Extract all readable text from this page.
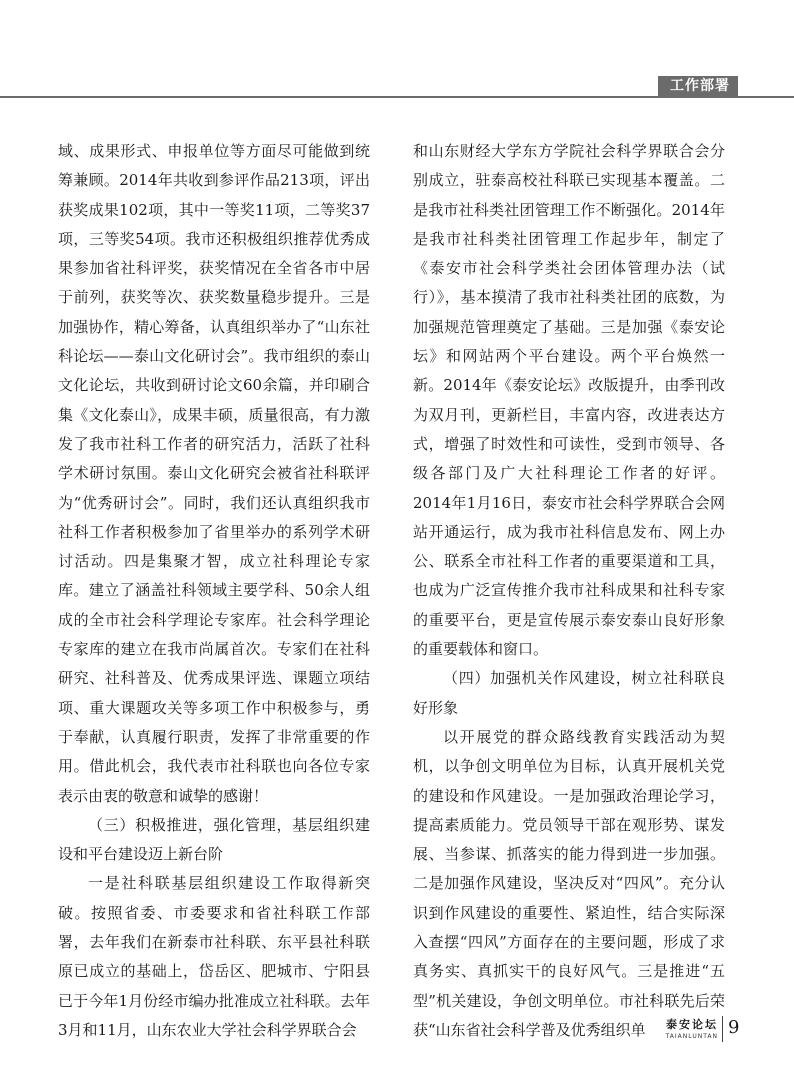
工作部署

域、成果形式、申报单位等方面尽可能做到统筹兼顾。2014年共收到参评作品213项，评出获奖成果102项，其中一等奖11项，二等奖37项，三等奖54项。我市还积极组织推荐优秀成果参加省社科评奖，获奖情况在全省各市中居于前列，获奖等次、获奖数量稳步提升。三是加强协作，精心筹备，认真组织举办了“山东社科论坛——泰山文化研讨会”。我市组织的泰山文化论坛，共收到研讨论文60余篇，并印刷合集《文化泰山》，成果丰硕，质量很高，有力激发了我市社科工作者的研究活力，活跃了社科学术研讨氛围。泰山文化研究会被省社科联评为“优秀研讨会”。同时，我们还认真组织我市社科工作者积极参加了省里举办的系列学术研讨活动。四是集聚才智，成立社科理论专家库。建立了涵盖社科领域主要学科、50余人组成的全市社会科学理论专家库。社会科学理论专家库的建立在我市尚属首次。专家们在社科研究、社科普及、优秀成果评选、课题立项结项、重大课题攻关等多项工作中积极参与，勇于奉献，认真履行职责，发挥了非常重要的作用。借此机会，我代表市社科联也向各位专家表示由衷的敬意和诚挚的感谢！

（三）积极推进，强化管理，基层组织建设和平台建设迈上新台阶

一是社科联基层组织建设工作取得新突破。按照省委、市委要求和省社科联工作部署，去年我们在新泰市社科联、东平县社科联原已成立的基础上，岱岳区、肥城市、宁阳县已于今年1月份经市编办批准成立社科联。去年3月和11月，山东农业大学社会科学界联合会

和山东财经大学东方学院社会科学界联合会分别成立，驻泰高校社科联已实现基本覆盖。二是我市社科类社团管理工作不断强化。2014年是我市社科类社团管理工作起步年，制定了《泰安市社会科学类社会团体管理办法（试行）》，基本摸清了我市社科类社团的底数，为加强规范管理奠定了基础。三是加强《泰安论坛》和网站两个平台建设。两个平台焕然一新。2014年《泰安论坛》改版提升，由季刊改为双月刊，更新栏目，丰富内容，改进表达方式，增强了时效性和可读性，受到市领导、各级各部门及广大社科理论工作者的好评。 2014年1月16日，泰安市社会科学界联合会网站开通运行，成为我市社科信息发布、网上办公、联系全市社科工作者的重要渠道和工具，也成为广泛宣传推介我市社科成果和社科专家的重要平台，更是宣传展示泰安泰山良好形象的重要载体和窗口。

（四）加强机关作风建设，树立社科联良好形象

以开展党的群众路线教育实践活动为契机，以争创文明单位为目标，认真开展机关党的建设和作风建设。一是加强政治理论学习，提高素质能力。党员领导干部在观形势、谋发展、当参谋、抓落实的能力得到进一步加强。二是加强作风建设，坚决反对“四风”。充分认识到作风建设的重要性、紧迫性，结合实际深入查摆“四风”方面存在的主要问题，形成了求真务实、真抓实干的良好风气。三是推进“五型”机关建设，争创文明单位。市社科联先后荣获“山东省社会科学普及优秀组织单	泰安论坛
TAIANLUNTAN 9
